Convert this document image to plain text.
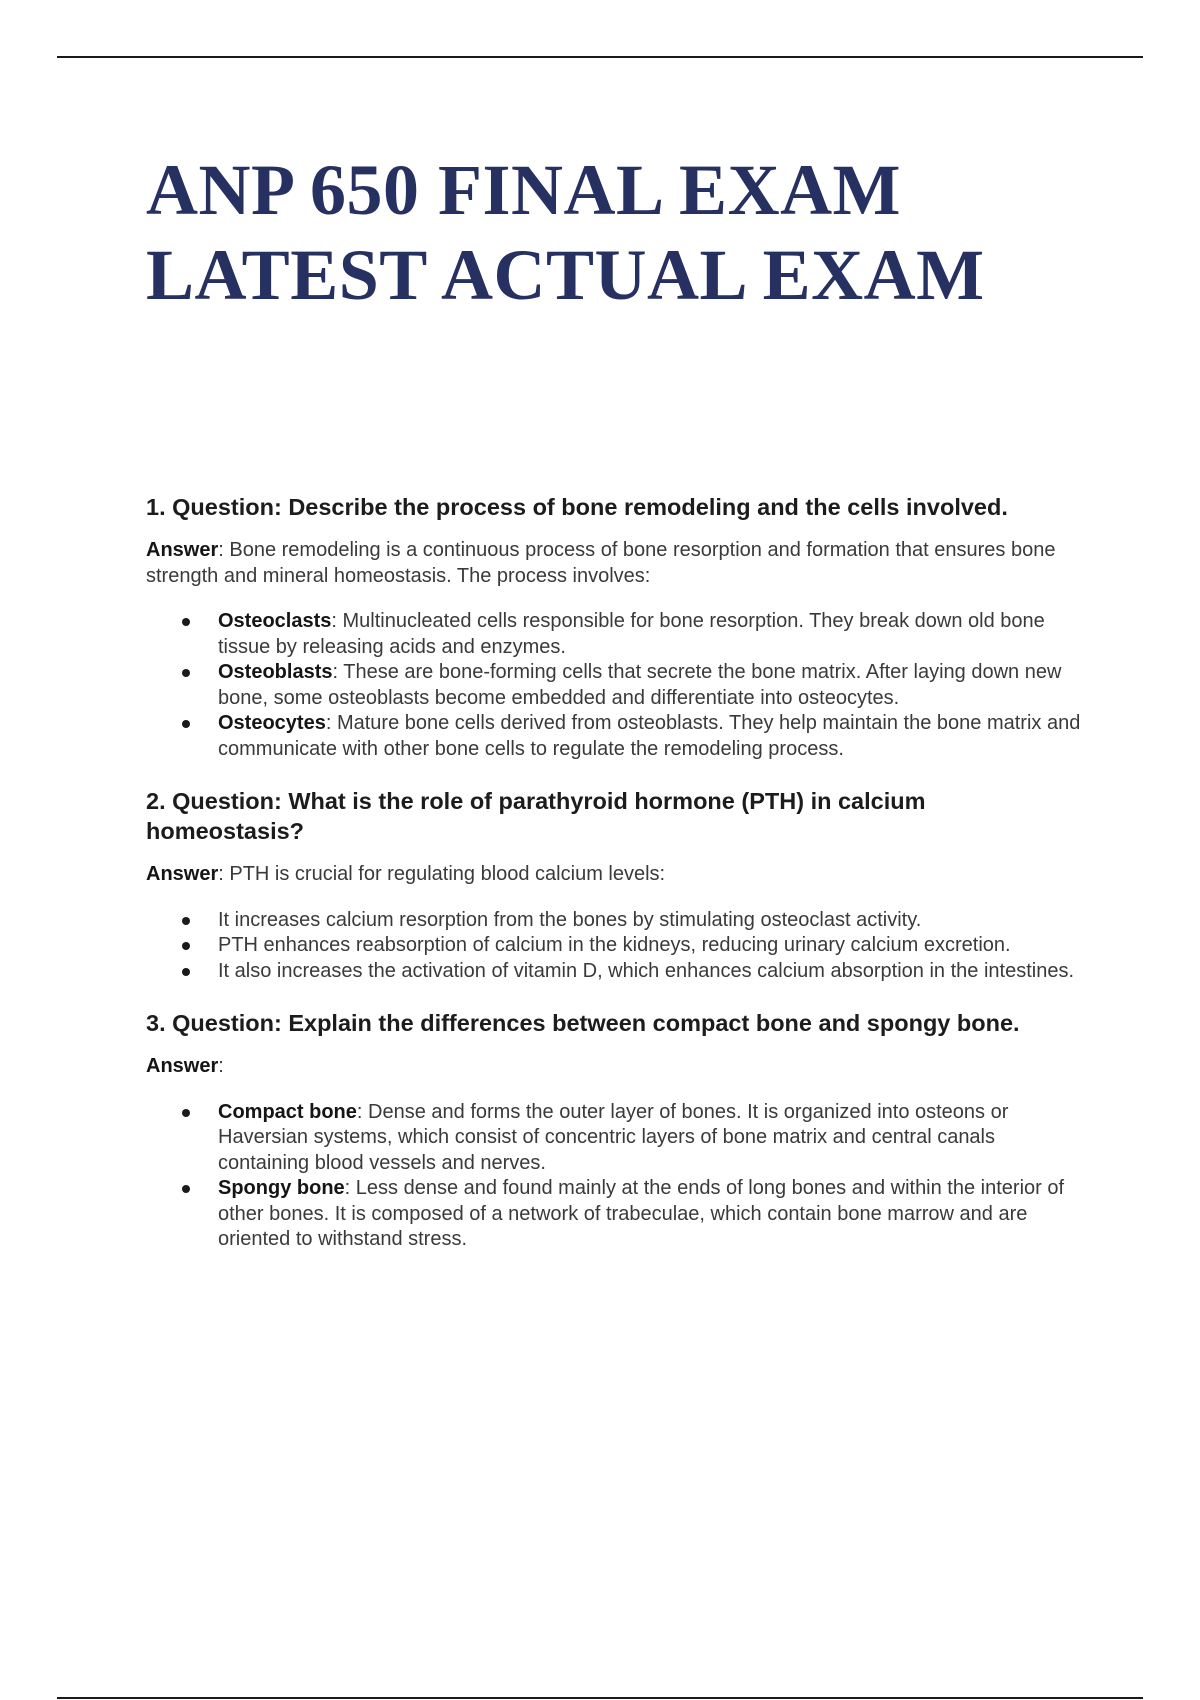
ANP 650 FINAL EXAM
LATEST ACTUAL EXAM
1. Question: Describe the process of bone remodeling and the cells involved.

Answer: Bone remodeling is a continuous process of bone resorption and formation that ensures bone strength and mineral homeostasis. The process involves:

Osteoclasts: Multinucleated cells responsible for bone resorption. They break down old bone tissue by releasing acids and enzymes.
Osteoblasts: These are bone-forming cells that secrete the bone matrix. After laying down new bone, some osteoblasts become embedded and differentiate into osteocytes.
Osteocytes: Mature bone cells derived from osteoblasts. They help maintain the bone matrix and communicate with other bone cells to regulate the remodeling process.
2. Question: What is the role of parathyroid hormone (PTH) in calcium homeostasis?

Answer: PTH is crucial for regulating blood calcium levels:

It increases calcium resorption from the bones by stimulating osteoclast activity.
PTH enhances reabsorption of calcium in the kidneys, reducing urinary calcium excretion.
It also increases the activation of vitamin D, which enhances calcium absorption in the intestines.
3. Question: Explain the differences between compact bone and spongy bone.

Answer:

Compact bone: Dense and forms the outer layer of bones. It is organized into osteons or Haversian systems, which consist of concentric layers of bone matrix and central canals containing blood vessels and nerves.
Spongy bone: Less dense and found mainly at the ends of long bones and within the interior of other bones. It is composed of a network of trabeculae, which contain bone marrow and are oriented to withstand stress.
